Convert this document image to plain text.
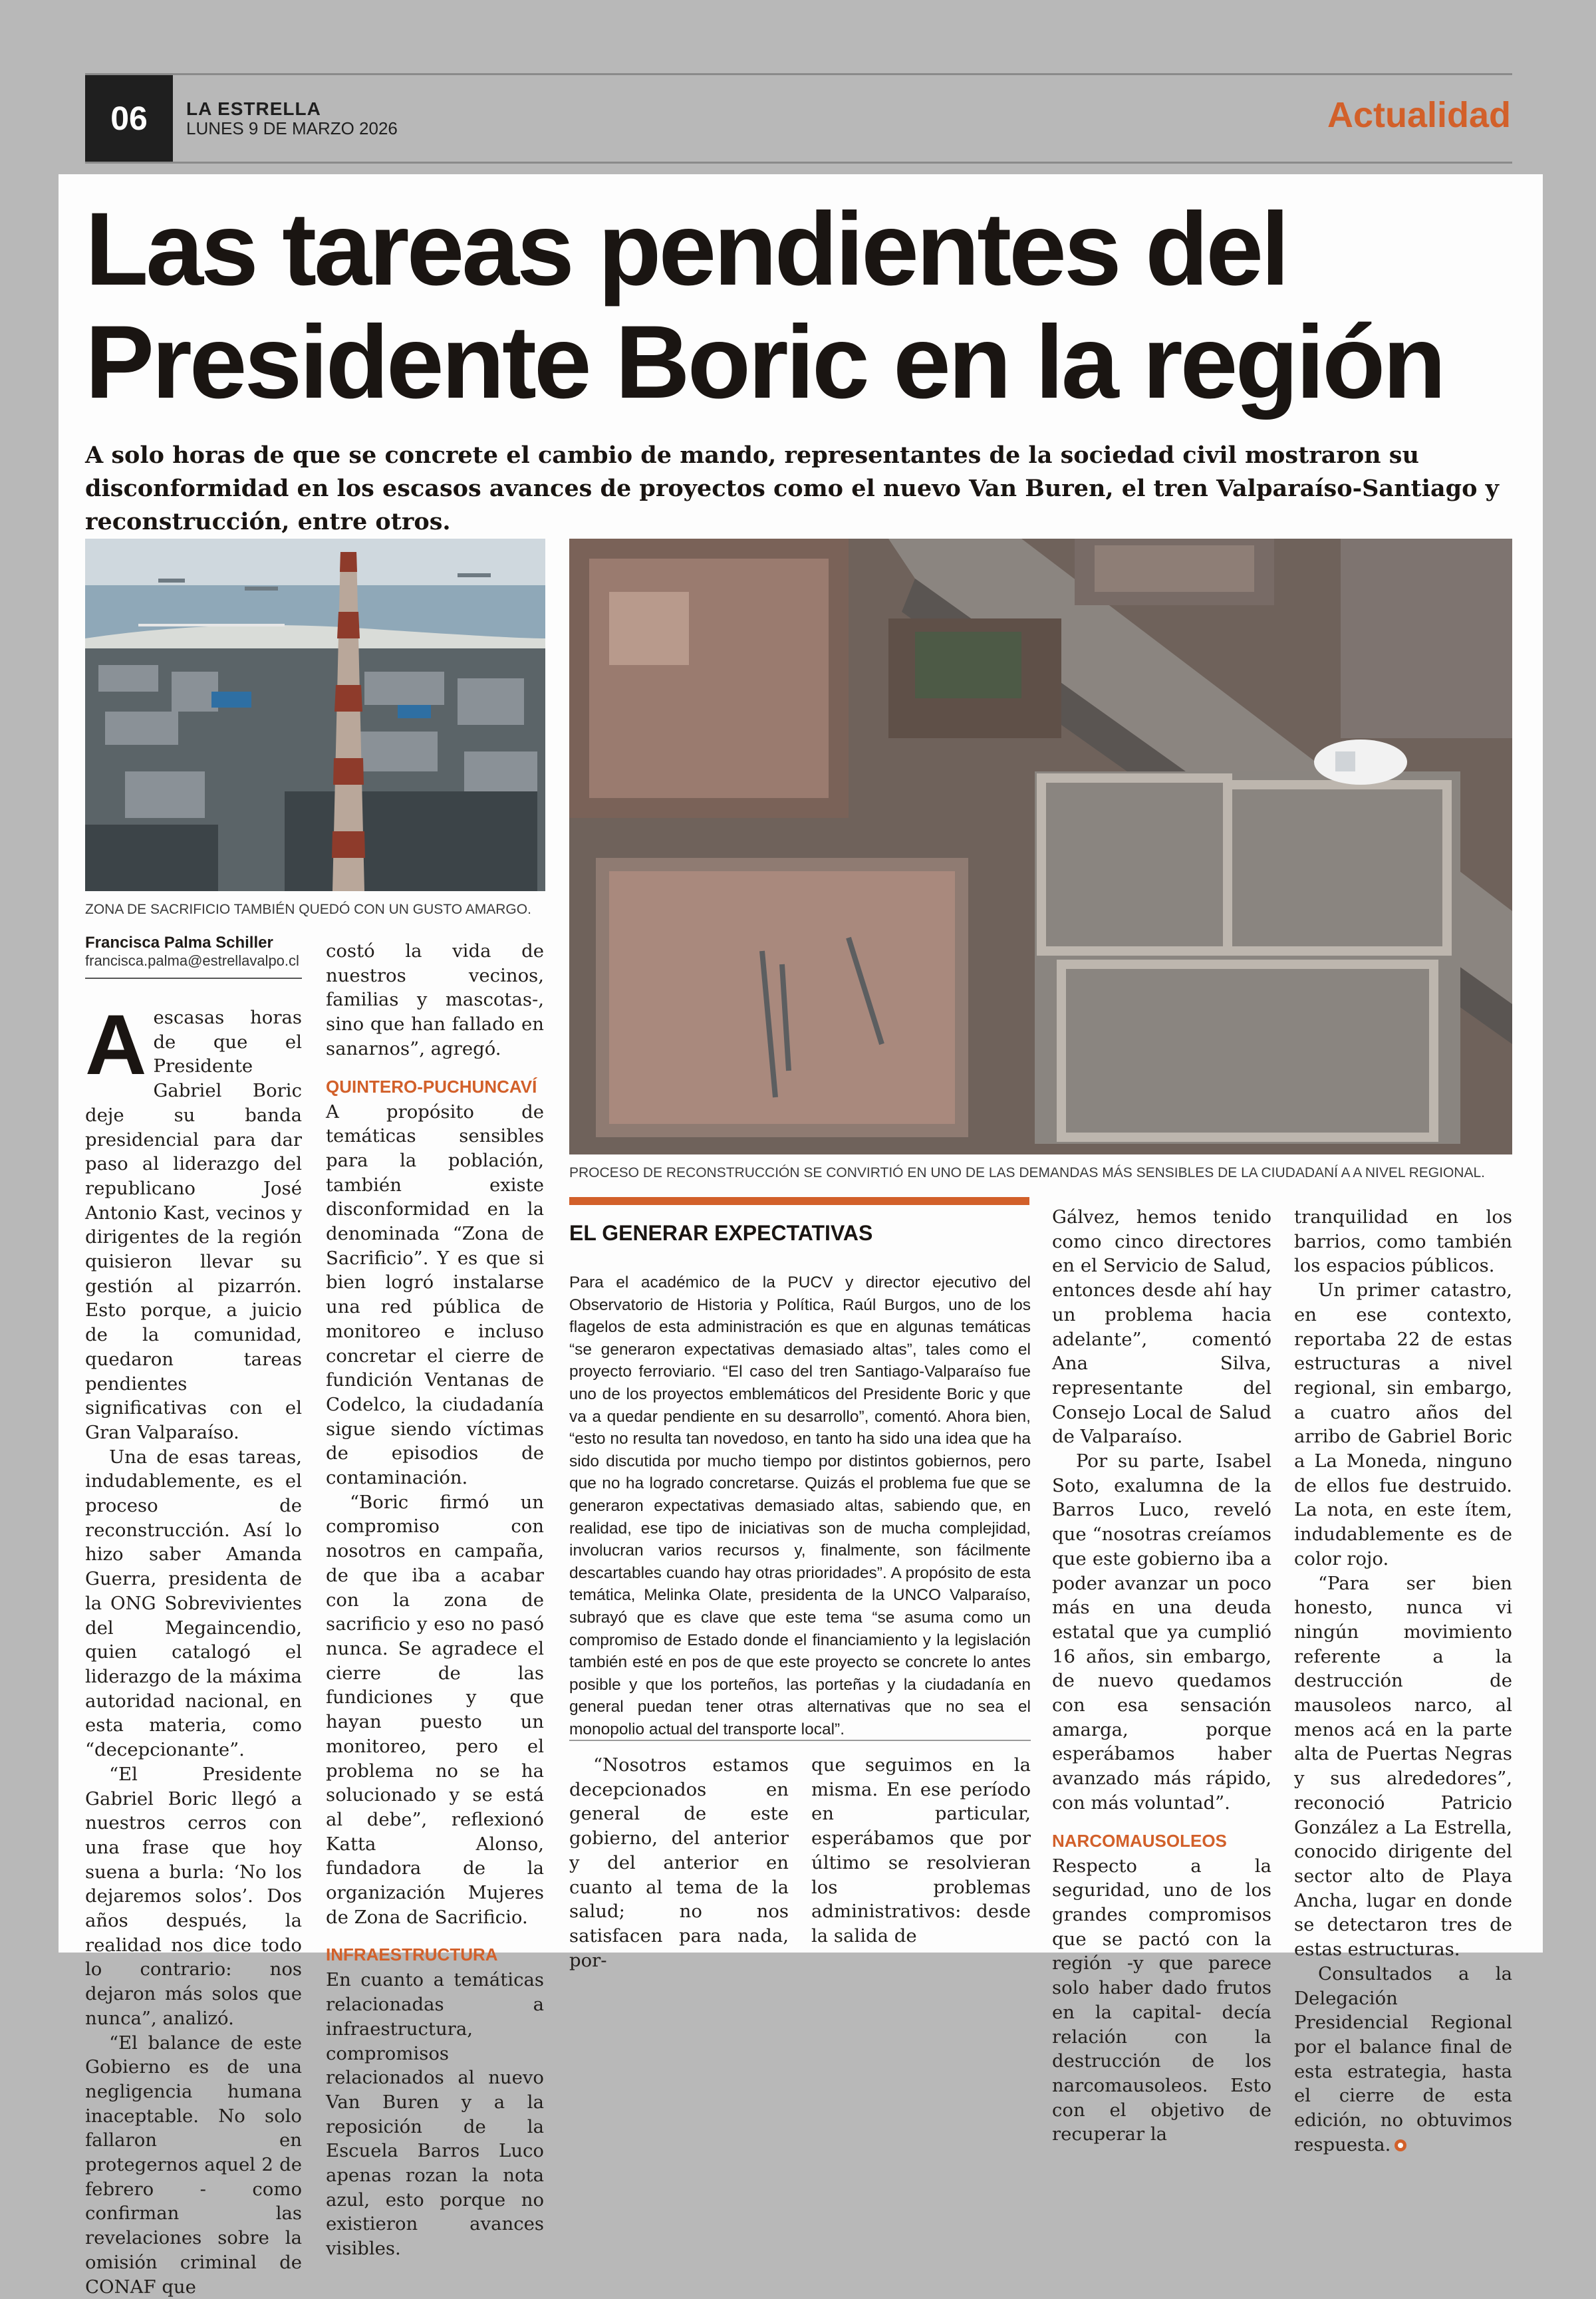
06	LA ESTRELLA
LUNES 9 DE MARZO 2026	Actualidad
Las tareas pendientes del
Presidente Boric en la región
A solo horas de que se concrete el cambio de mando, representantes de la sociedad civil mostraron su disconformidad en los escasos avances de proyectos como el nuevo Van Buren, el tren Valparaíso-Santiago y reconstrucción, entre otros.
ZONA DE SACRIFICIO TAMBIÉN QUEDÓ CON UN GUSTO AMARGO.
PROCESO DE RECONSTRUCCIÓN SE CONVIRTIÓ EN UNO DE LAS DEMANDAS MÁS SENSIBLES DE LA CIUDADANÍ A A NIVEL REGIONAL.
Francisca Palma Schiller
francisca.palma@estrellavalpo.cl

Aescasas horas de que el Presidente Gabriel Boric deje su banda presidencial para dar paso al liderazgo del republicano José Antonio Kast, vecinos y dirigentes de la región quisieron llevar su gestión al pizarrón. Esto porque, a juicio de la comunidad, quedaron tareas pendientes significativas con el Gran Valparaíso.

Una de esas tareas, indudablemente, es el proceso de reconstrucción. Así lo hizo saber Amanda Guerra, presidenta de la ONG Sobrevivientes del Megaincendio, quien catalogó el liderazgo de la máxima autoridad nacional, en esta materia, como “decepcionante”.

“El Presidente Gabriel Boric llegó a nuestros cerros con una frase que hoy suena a burla: ‘No los dejaremos solos’. Dos años después, la realidad nos dice todo lo contrario: nos dejaron más solos que nunca”, analizó.

“El balance de este Gobierno es de una negligencia humana inaceptable. No solo fallaron en protegernos aquel 2 de febrero - como confirman las revelaciones sobre la omisión criminal de CONAF que

costó la vida de nuestros vecinos, familias y mascotas-, sino que han fallado en sanarnos”, agregó.

QUINTERO-PUCHUNCAVÍ

A propósito de temáticas sensibles para la población, también existe disconformidad en la denominada “Zona de Sacrificio”. Y es que si bien logró instalarse una red pública de monitoreo e incluso concretar el cierre de fundición Ventanas de Codelco, la ciudadanía sigue siendo víctimas de episodios de contaminación.

“Boric firmó un compromiso con nosotros en campaña, de que iba a acabar con la zona de sacrificio y eso no pasó nunca. Se agradece el cierre de las fundiciones y que hayan puesto un monitoreo, pero el problema no se ha solucionado y se está al debe”, reflexionó Katta Alonso, fundadora de la organización Mujeres de Zona de Sacrificio.

INFRAESTRUCTURA

En cuanto a temáticas relacionadas a infraestructura, compromisos relacionados al nuevo Van Buren y a la reposición de la Escuela Barros Luco apenas rozan la nota azul, esto porque no existieron avances visibles.

EL GENERAR EXPECTATIVAS
Para el académico de la PUCV y director ejecutivo del Observatorio de Historia y Política, Raúl Burgos, uno de los flagelos de esta administración es que en algunas temáticas “se generaron expectativas demasiado altas”, tales como el proyecto ferroviario. “El caso del tren Santiago-Valparaíso fue uno de los proyectos emblemáticos del Presidente Boric y que va a quedar pendiente en su desarrollo”, comentó. Ahora bien, “esto no resulta tan novedoso, en tanto ha sido una idea que ha sido discutida por mucho tiempo por distintos gobiernos, pero que no ha logrado concretarse. Quizás el problema fue que se generaron expectativas demasiado altas, sabiendo que, en realidad, ese tipo de iniciativas son de mucha complejidad, involucran varios recursos y, finalmente, son fácilmente descartables cuando hay otras prioridades”. A propósito de esta temática, Melinka Olate, presidenta de la UNCO Valparaíso, subrayó que es clave que este tema “se asuma como un compromiso de Estado donde el financiamiento y la legislación también esté en pos de que este proyecto se concrete lo antes posible y que los porteños, las porteñas y la ciudadanía en general puedan tener otras alternativas que no sea el monopolio actual del transporte local”.

“Nosotros estamos decepcionados en general de este gobierno, del anterior y del anterior en cuanto al tema de la salud; no nos satisfacen para nada, por-

que seguimos en la misma. En ese período en particular, esperábamos que por último se resolvieran los problemas administrativos: desde la salida de

Gálvez, hemos tenido como cinco directores en el Servicio de Salud, entonces desde ahí hay un problema hacia adelante”, comentó Ana Silva, representante del Consejo Local de Salud de Valparaíso.

Por su parte, Isabel Soto, exalumna de la Barros Luco, reveló que “nosotras creíamos que este gobierno iba a poder avanzar un poco más en una deuda estatal que ya cumplió 16 años, sin embargo, de nuevo quedamos con esa sensación amarga, porque esperábamos haber avanzado más rápido, con más voluntad”.

NARCOMAUSOLEOS

Respecto a la seguridad, uno de los grandes compromisos que se pactó con la región -y que parece solo haber dado frutos en la capital- decía relación con la destrucción de los narcomausoleos. Esto con el objetivo de recuperar la

tranquilidad en los barrios, como también los espacios públicos.

Un primer catastro, en ese contexto, reportaba 22 de estas estructuras a nivel regional, sin embargo, a cuatro años del arribo de Gabriel Boric a La Moneda, ninguno de ellos fue destruido. La nota, en este ítem, indudablemente es de color rojo.

“Para ser bien honesto, nunca vi ningún movimiento referente a la destrucción de mausoleos narco, al menos acá en la parte alta de Puertas Negras y sus alrededores”, reconoció Patricio González a La Estrella, conocido dirigente del sector alto de Playa Ancha, lugar en donde se detectaron tres de estas estructuras.

Consultados a la Delegación Presidencial Regional por el balance final de esta estrategia, hasta el cierre de esta edición, no obtuvimos respuesta.
